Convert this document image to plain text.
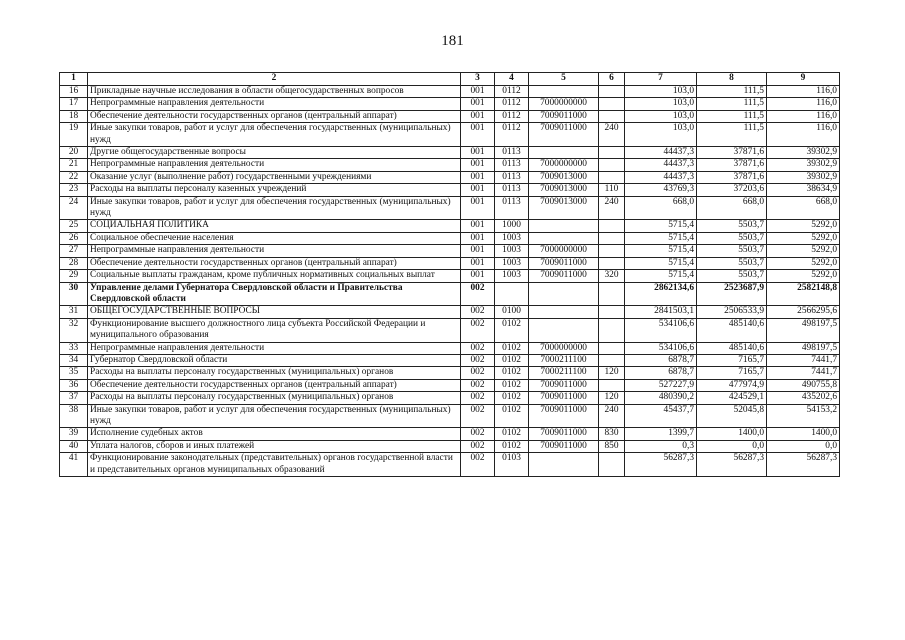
181
1	2	3	4	5	6	7	8	9
16	Прикладные научные исследования в области общегосударственных вопросов	001	0112			103,0	111,5	116,0
17	Непрограммные направления деятельности	001	0112	7000000000		103,0	111,5	116,0
18	Обеспечение деятельности государственных органов (центральный аппарат)	001	0112	7009011000		103,0	111,5	116,0
19	Иные закупки товаров, работ и услуг для обеспечения государственных (муниципальных) нужд	001	0112	7009011000	240	103,0	111,5	116,0
20	Другие общегосударственные вопросы	001	0113			44437,3	37871,6	39302,9
21	Непрограммные направления деятельности	001	0113	7000000000		44437,3	37871,6	39302,9
22	Оказание услуг (выполнение работ) государственными учреждениями	001	0113	7009013000		44437,3	37871,6	39302,9
23	Расходы на выплаты персоналу казенных учреждений	001	0113	7009013000	110	43769,3	37203,6	38634,9
24	Иные закупки товаров, работ и услуг для обеспечения государственных (муниципальных) нужд	001	0113	7009013000	240	668,0	668,0	668,0
25	СОЦИАЛЬНАЯ ПОЛИТИКА	001	1000			5715,4	5503,7	5292,0
26	Социальное обеспечение населения	001	1003			5715,4	5503,7	5292,0
27	Непрограммные направления деятельности	001	1003	7000000000		5715,4	5503,7	5292,0
28	Обеспечение деятельности государственных органов (центральный аппарат)	001	1003	7009011000		5715,4	5503,7	5292,0
29	Социальные выплаты гражданам, кроме публичных нормативных социальных выплат	001	1003	7009011000	320	5715,4	5503,7	5292,0
30	Управление делами Губернатора Свердловской области и Правительства Свердловской области	002				2862134,6	2523687,9	2582148,8
31	ОБЩЕГОСУДАРСТВЕННЫЕ ВОПРОСЫ	002	0100			2841503,1	2506533,9	2566295,6
32	Функционирование высшего должностного лица субъекта Российской Федерации и муниципального образования	002	0102			534106,6	485140,6	498197,5
33	Непрограммные направления деятельности	002	0102	7000000000		534106,6	485140,6	498197,5
34	Губернатор Свердловской области	002	0102	7000211100		6878,7	7165,7	7441,7
35	Расходы на выплаты персоналу государственных (муниципальных) органов	002	0102	7000211100	120	6878,7	7165,7	7441,7
36	Обеспечение деятельности государственных органов (центральный аппарат)	002	0102	7009011000		527227,9	477974,9	490755,8
37	Расходы на выплаты персоналу государственных (муниципальных) органов	002	0102	7009011000	120	480390,2	424529,1	435202,6
38	Иные закупки товаров, работ и услуг для обеспечения государственных (муниципальных) нужд	002	0102	7009011000	240	45437,7	52045,8	54153,2
39	Исполнение судебных актов	002	0102	7009011000	830	1399,7	1400,0	1400,0
40	Уплата налогов, сборов и иных платежей	002	0102	7009011000	850	0,3	0,0	0,0
41	Функционирование законодательных (представительных) органов государственной власти и представительных органов муниципальных образований	002	0103			56287,3	56287,3	56287,3
